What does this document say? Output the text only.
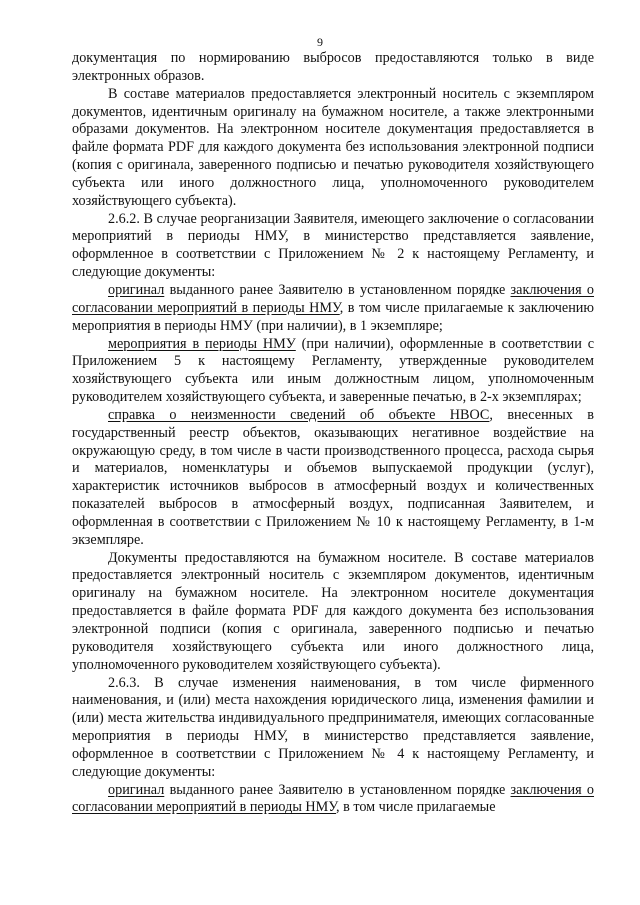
9

документация по нормированию выбросов предоставляются только в виде электронных образов.

В составе материалов предоставляется электронный носитель с экземпляром документов, идентичным оригиналу на бумажном носителе, а также электронными образами документов. На электронном носителе документация предоставляется в файле формата PDF для каждого документа без использования электронной подписи (копия с оригинала, заверенного подписью и печатью руководителя хозяйствующего субъекта или иного должностного лица, уполномоченного руководителем хозяйствующего субъекта).

2.6.2. В случае реорганизации Заявителя, имеющего заключение о согласовании мероприятий в периоды НМУ, в министерство представляется заявление, оформленное в соответствии с Приложением № 2 к настоящему Регламенту, и следующие документы:

оригинал выданного ранее Заявителю в установленном порядке заключения о согласовании мероприятий в периоды НМУ, в том числе прилагаемые к заключению мероприятия в периоды НМУ (при наличии), в 1 экземпляре;

мероприятия в периоды НМУ (при наличии), оформленные в соответствии с Приложением 5 к настоящему Регламенту, утвержденные руководителем хозяйствующего субъекта или иным должностным лицом, уполномоченным руководителем хозяйствующего субъекта, и заверенные печатью, в 2-х экземплярах;

справка о неизменности сведений об объекте НВОС, внесенных в государственный реестр объектов, оказывающих негативное воздействие на окружающую среду, в том числе в части производственного процесса, расхода сырья и материалов, номенклатуры и объемов выпускаемой продукции (услуг), характеристик источников выбросов в атмосферный воздух и количественных показателей выбросов в атмосферный воздух, подписанная Заявителем, и оформленная в соответствии с Приложением № 10 к настоящему Регламенту, в 1-м экземпляре.

Документы предоставляются на бумажном носителе. В составе материалов предоставляется электронный носитель с экземпляром документов, идентичным оригиналу на бумажном носителе. На электронном носителе документация предоставляется в файле формата PDF для каждого документа без использования электронной подписи (копия с оригинала, заверенного подписью и печатью руководителя хозяйствующего субъекта или иного должностного лица, уполномоченного руководителем хозяйствующего субъекта).

2.6.3. В случае изменения наименования, в том числе фирменного наименования, и (или) места нахождения юридического лица, изменения фамилии и (или) места жительства индивидуального предпринимателя, имеющих согласованные мероприятия в периоды НМУ, в министерство представляется заявление, оформленное в соответствии с Приложением № 4 к настоящему Регламенту, и следующие документы:

оригинал выданного ранее Заявителю в установленном порядке заключения о согласовании мероприятий в периоды НМУ, в том числе прилагаемые
